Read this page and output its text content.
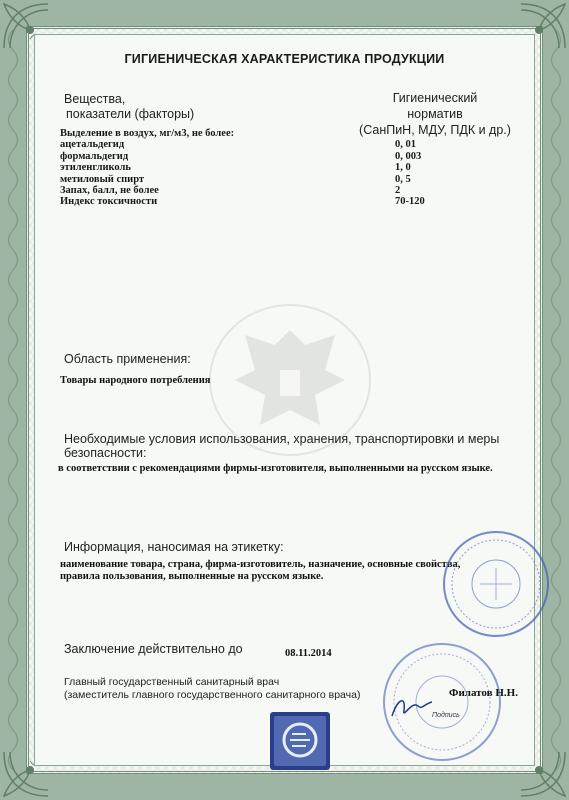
ГИГИЕНИЧЕСКАЯ ХАРАКТЕРИСТИКА ПРОДУКЦИИ
Вещества,
показатели (факторы)
Гигиенический
норматив
(СанПиН, МДУ, ПДК и др.)
Выделение в воздух, мг/м3, не более:
ацетальдегид	0, 01
формальдегид	0, 003
этиленгликоль	1, 0
метиловый спирт	0, 5
Запах, балл, не более	2
Индекс токсичности	70-120
Область применения:
Товары народного потребления
Необходимые условия использования, хранения, транспортировки и меры
безопасности:
в соответствии с рекомендациями фирмы-изготовителя, выполненными на русском языке.
Информация, наносимая на этикетку:
наименование товара, страна, фирма-изготовитель, назначение, основные свойства,
правила пользования, выполненные на русском языке.
Заключение действительно до	08.11.2014
Главный государственный санитарный врач
(заместитель главного государственного санитарного врача)
Подпись
Филатов Н.Н.
